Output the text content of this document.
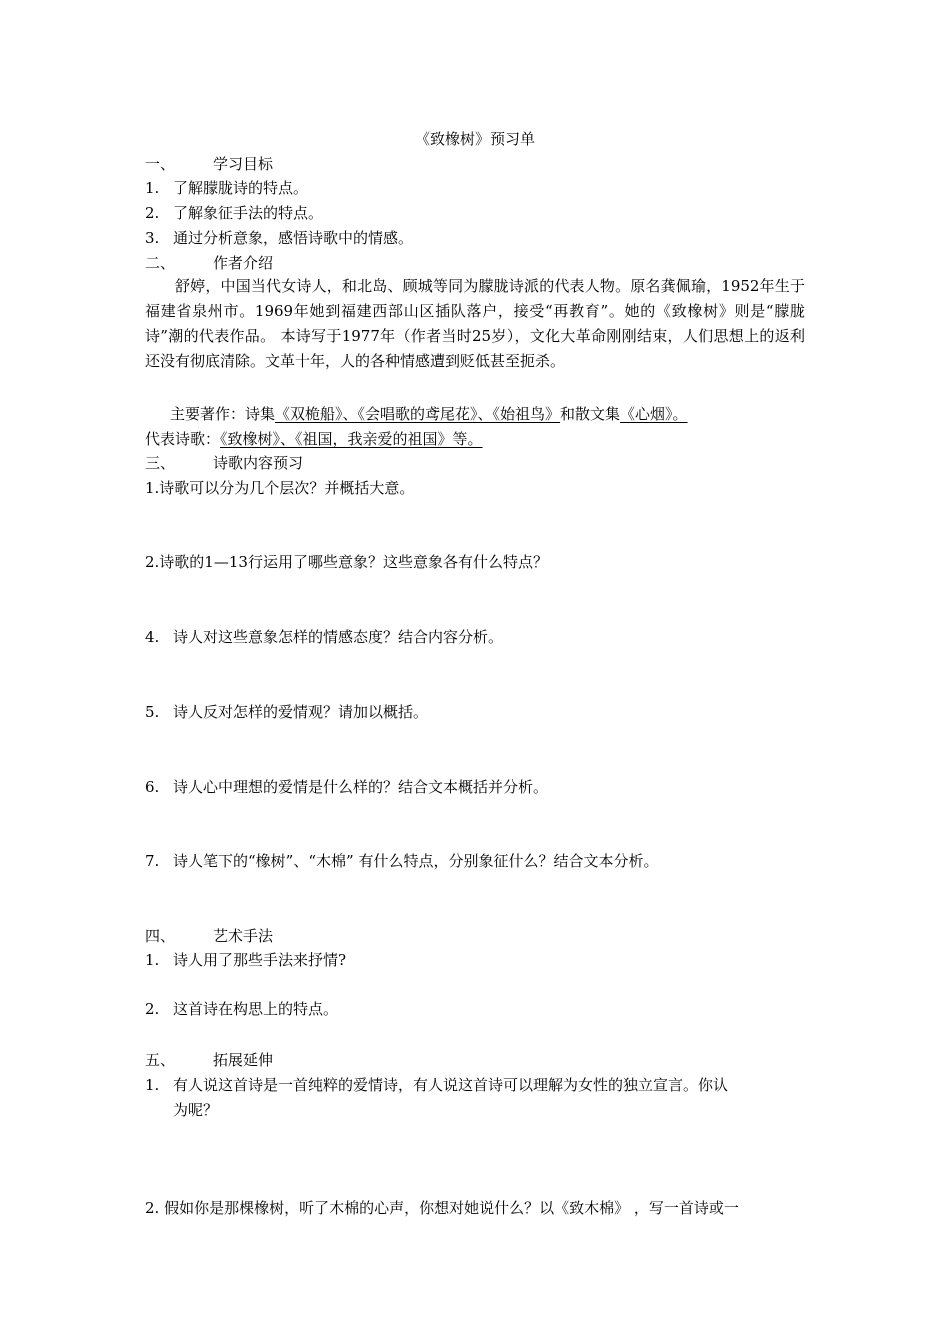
《致橡树》预习单
一、	学习目标
1. 了解朦胧诗的特点。
2. 了解象征手法的特点。
3. 通过分析意象，感悟诗歌中的情感。
二、	作者介绍
舒婷，中国当代女诗人，和北岛、顾城等同为朦胧诗派的代表人物。原名龚佩瑜，1952年生于福建省泉州市。1969年她到福建西部山区插队落户，接受“再教育”。她的《致橡树》则是“朦胧诗”潮的代表作品。 本诗写于1977年（作者当时25岁），文化大革命刚刚结束，人们思想上的返利还没有彻底清除。文革十年，人的各种情感遭到贬低甚至扼杀。
主要著作：诗集《双桅船》、《会唱歌的鸢尾花》、《始祖鸟》和散文集《心烟》。
代表诗歌：《致橡树》、《祖国，我亲爱的祖国》等。
三、	诗歌内容预习
1.诗歌可以分为几个层次？并概括大意。
2.诗歌的1—13行运用了哪些意象？这些意象各有什么特点？
4. 诗人对这些意象怎样的情感态度？结合内容分析。
5. 诗人反对怎样的爱情观？请加以概括。
6. 诗人心中理想的爱情是什么样的？结合文本概括并分析。
7. 诗人笔下的“橡树”、“木棉” 有什么特点，分别象征什么？结合文本分析。
四、	艺术手法
1. 诗人用了那些手法来抒情?
2. 这首诗在构思上的特点。
五、	拓展延伸
1. 有人说这首诗是一首纯粹的爱情诗，有人说这首诗可以理解为女性的独立宣言。你认
为呢？
2. 假如你是那棵橡树，听了木棉的心声，你想对她说什么？以《致木棉》 ，写一首诗或一
